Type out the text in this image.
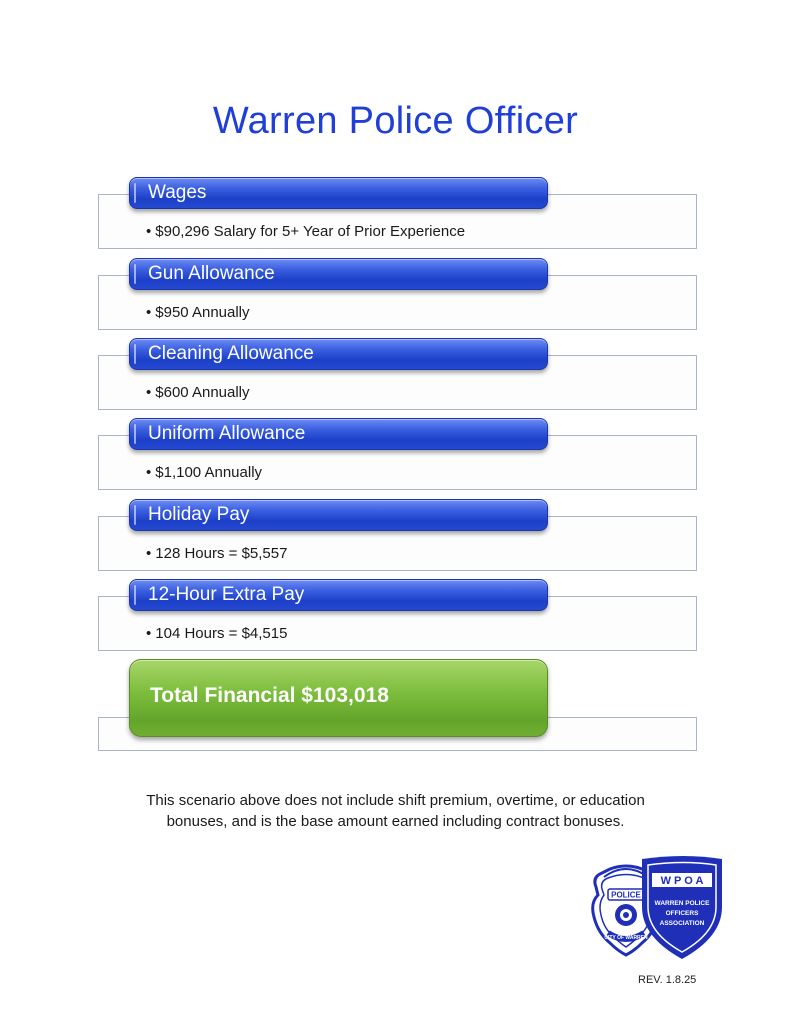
Warren Police Officer
Wages
• $90,296 Salary for 5+ Year of Prior Experience
Gun Allowance
• $950 Annually
Cleaning Allowance
• $600 Annually
Uniform Allowance
• $1,100 Annually
Holiday Pay
• 128 Hours = $5,557
12-Hour Extra Pay
• 104 Hours = $4,515
Total Financial $103,018
This scenario above does not include shift premium, overtime, or education
bonuses, and is the base amount earned including contract bonuses.
POLICE
CITY OF WARREN
W P O A
WARREN POLICE
OFFICERS
ASSOCIATION
REV. 1.8.25
